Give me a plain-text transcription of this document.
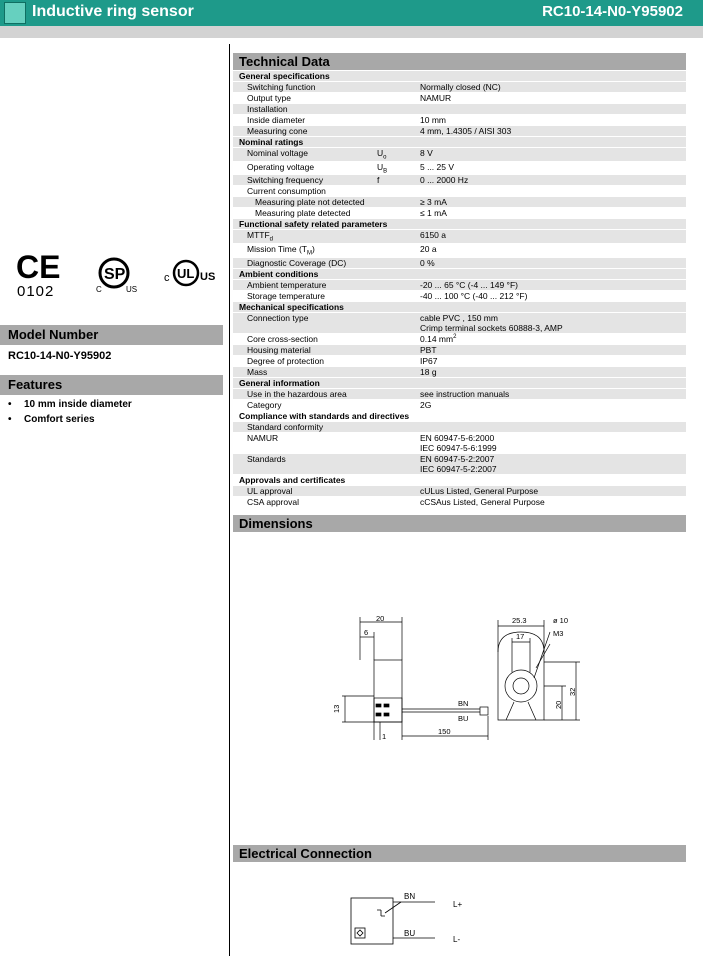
Inductive ring sensor	RC10-14-N0-Y95902
CE
0102
SP
C	US
c UL US
Model Number
RC10-14-N0-Y95902
Features
• 10 mm inside diameter
• Comfort series
Technical Data
General specifications
Switching function	Normally closed (NC)
Output type	NAMUR
Installation
Inside diameter	10 mm
Measuring cone	4 mm, 1.4305 / AISI 303
Nominal ratings
Nominal voltage	$U_o$	8 V
Operating voltage	$U_B$	5 ... 25 V
Switching frequency	f	0 ... 2000 Hz
Current consumption
Measuring plate not detected	≥ 3 mA
Measuring plate detected	≤ 1 mA
Functional safety related parameters
$MTTF_d$	6150 a
Mission Time $(T_M)$	20 a
Diagnostic Coverage (DC)	0 %
Ambient conditions
Ambient temperature	-20 ... 65 °C (-4 ... 149 °F)
Storage temperature	-40 ... 100 °C (-40 ... 212 °F)
Mechanical specifications
Connection type	cable PVC , 150 mm
Crimp terminal sockets 60888-3, AMP
Core cross-section	0.14 $mm^2$
Housing material	PBT
Degree of protection	IP67
Mass	18 g
General information
Use in the hazardous area	see instruction manuals
Category	2G
Compliance with standards and directives
Standard conformity
NAMUR	EN 60947-5-6:2000
IEC 60947-5-6:1999
Standards	EN 60947-5-2:2007
IEC 60947-5-2:2007
Approvals and certificates
UL approval	cULus Listed, General Purpose
CSA approval	cCSAus Listed, General Purpose
Dimensions
20
6
13
1
150
BN
BU
25.3	ø 10
M3
17
20
32
Electrical Connection
BN
BU
L+
L-
